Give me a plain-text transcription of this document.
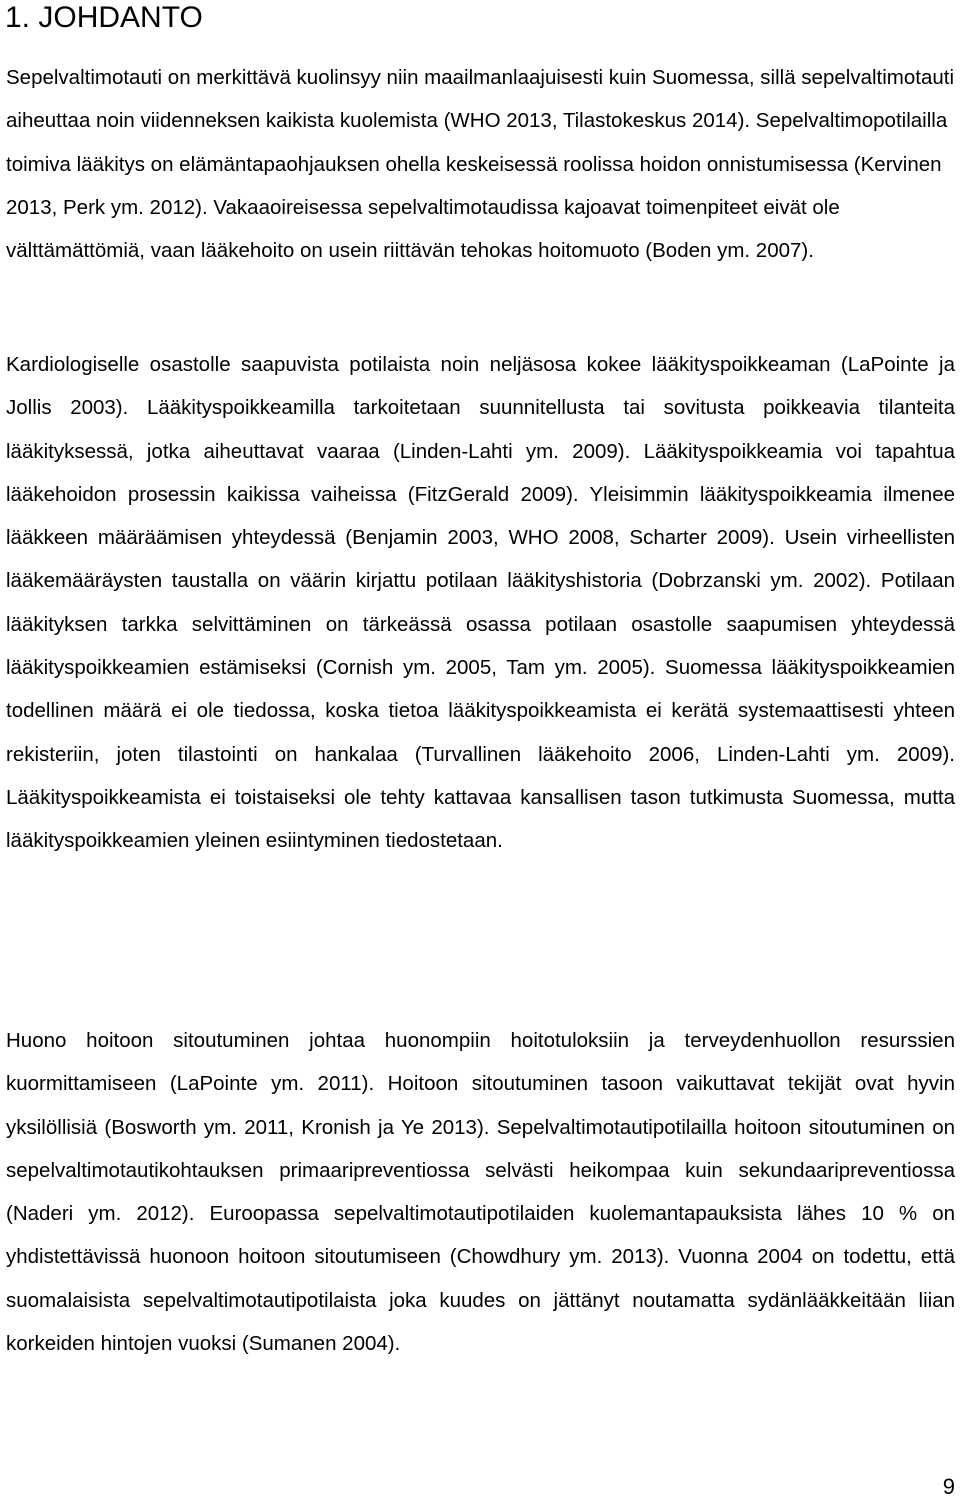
1. JOHDANTO

Sepelvaltimotauti on merkittävä kuolinsyy niin maailmanlaajuisesti kuin Suomessa, sillä sepelvaltimotauti aiheuttaa noin viidenneksen kaikista kuolemista (WHO 2013, Tilastokeskus 2014). Sepelvaltimopotilailla toimiva lääkitys on elämäntapaohjauksen ohella keskeisessä roolissa hoidon onnistumisessa (Kervinen 2013, Perk ym. 2012). Vakaaoireisessa sepelvaltimotaudissa kajoavat toimenpiteet eivät ole välttämättömiä, vaan lääkehoito on usein riittävän tehokas hoitomuoto (Boden ym. 2007).

Kardiologiselle osastolle saapuvista potilaista noin neljäsosa kokee lääkityspoikkeaman (LaPointe ja Jollis 2003). Lääkityspoikkeamilla tarkoitetaan suunnitellusta tai sovitusta poikkeavia tilanteita lääkityksessä, jotka aiheuttavat vaaraa (Linden-Lahti ym. 2009). Lääkityspoikkeamia voi tapahtua lääkehoidon prosessin kaikissa vaiheissa (FitzGerald 2009). Yleisimmin lääkityspoikkeamia ilmenee lääkkeen määräämisen yhteydessä (Benjamin 2003, WHO 2008, Scharter 2009). Usein virheellisten lääkemääräysten taustalla on väärin kirjattu potilaan lääkityshistoria (Dobrzanski ym. 2002). Potilaan lääkityksen tarkka selvittäminen on tärkeässä osassa potilaan osastolle saapumisen yhteydessä lääkityspoikkeamien estämiseksi (Cornish ym. 2005, Tam ym. 2005). Suomessa lääkityspoikkeamien todellinen määrä ei ole tiedossa, koska tietoa lääkityspoikkeamista ei kerätä systemaattisesti yhteen rekisteriin, joten tilastointi on hankalaa (Turvallinen lääkehoito 2006, Linden-Lahti ym. 2009). Lääkityspoikkeamista ei toistaiseksi ole tehty kattavaa kansallisen tason tutkimusta Suomessa, mutta lääkityspoikkeamien yleinen esiintyminen tiedostetaan.

Huono hoitoon sitoutuminen johtaa huonompiin hoitotuloksiin ja terveydenhuollon resurssien kuormittamiseen (LaPointe ym. 2011). Hoitoon sitoutuminen tasoon vaikuttavat tekijät ovat hyvin yksilöllisiä (Bosworth ym. 2011, Kronish ja Ye 2013). Sepelvaltimotautipotilailla hoitoon sitoutuminen on sepelvaltimotautikohtauksen primaaripreventiossa selvästi heikompaa kuin sekundaaripreventiossa (Naderi ym. 2012). Euroopassa sepelvaltimotautipotilaiden kuolemantapauksista lähes 10 % on yhdistettävissä huonoon hoitoon sitoutumiseen (Chowdhury ym. 2013). Vuonna 2004 on todettu, että suomalaisista sepelvaltimotautipotilaista joka kuudes on jättänyt noutamatta sydänlääkkeitään liian korkeiden hintojen vuoksi (Sumanen 2004).

9
